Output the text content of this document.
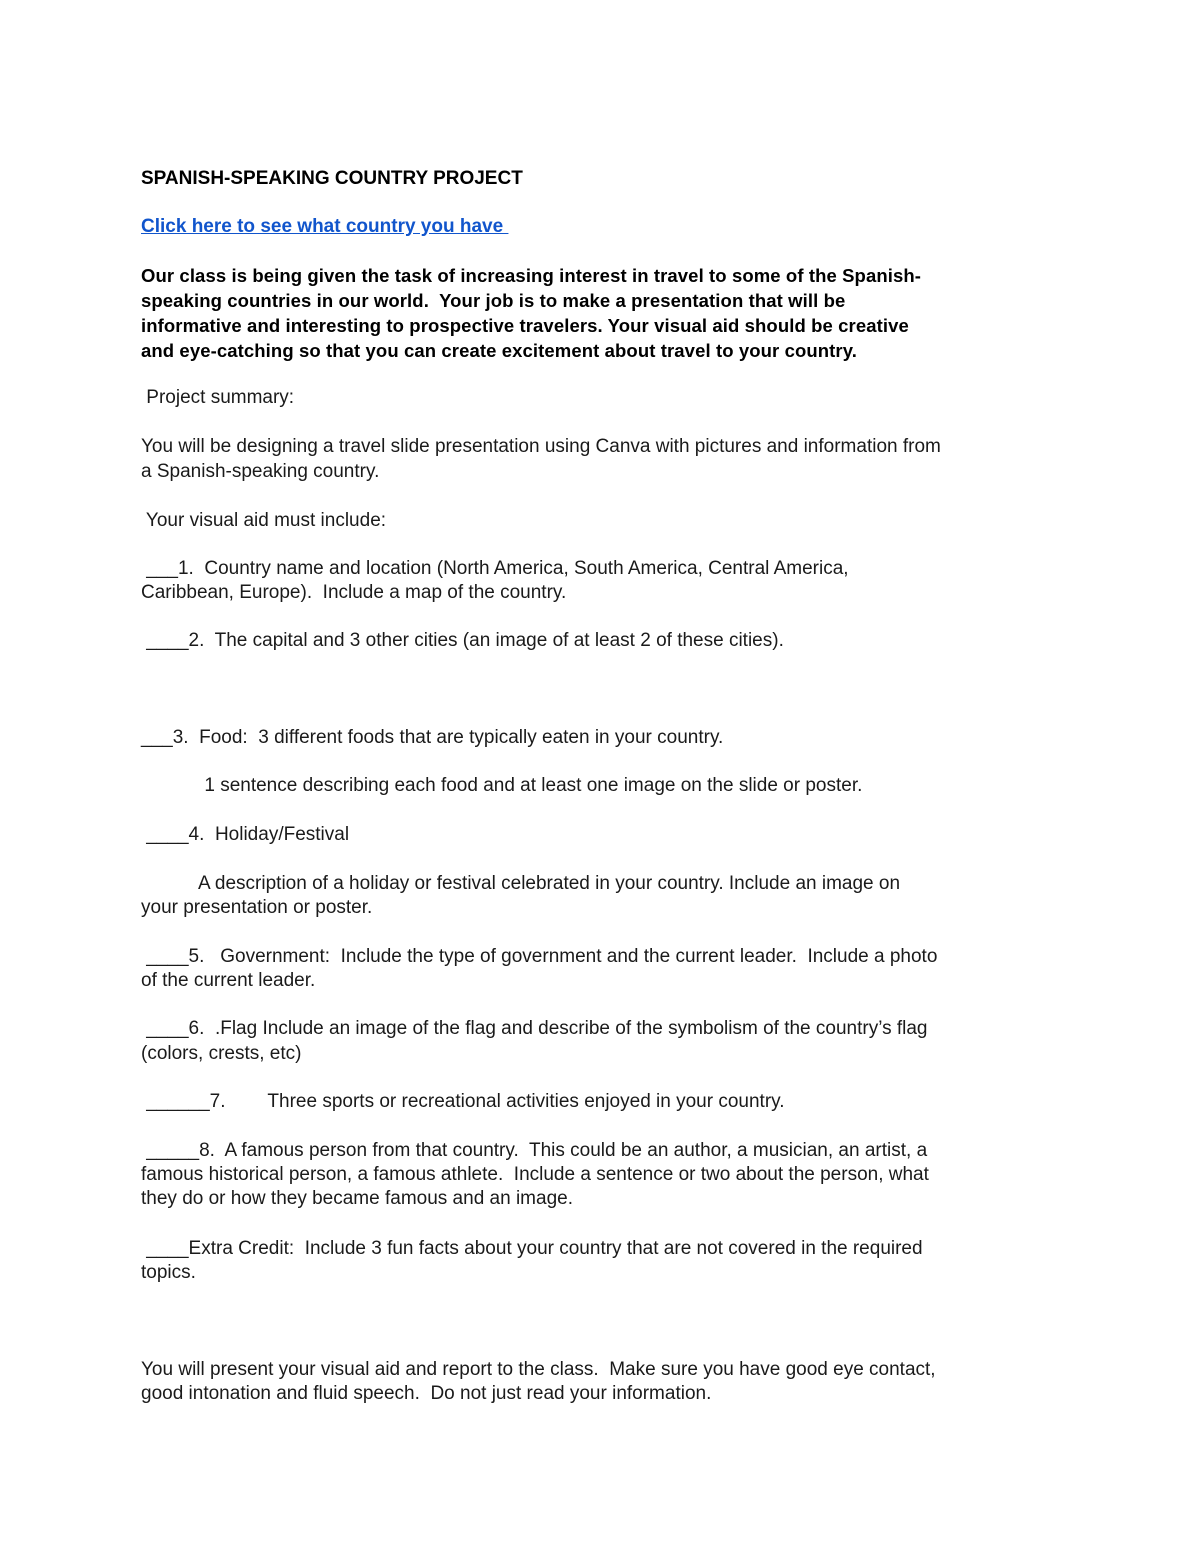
SPANISH-SPEAKING COUNTRY PROJECT
Click here to see what country you have
Our class is being given the task of increasing interest in travel to some of the Spanish-
speaking countries in our world.  Your job is to make a presentation that will be
informative and interesting to prospective travelers. Your visual aid should be creative
and eye-catching so that you can create excitement about travel to your country.
Project summary:
You will be designing a travel slide presentation using Canva with pictures and information from
a Spanish-speaking country.
Your visual aid must include:
___1.  Country name and location (North America, South America, Central America,
Caribbean, Europe).  Include a map of the country.
____2.  The capital and 3 other cities (an image of at least 2 of these cities).
___3.  Food:  3 different foods that are typically eaten in your country.
1 sentence describing each food and at least one image on the slide or poster.
____4.  Holiday/Festival
A description of a holiday or festival celebrated in your country. Include an image on
your presentation or poster.
____5.   Government:  Include the type of government and the current leader.  Include a photo
of the current leader.
____6.  .Flag Include an image of the flag and describe of the symbolism of the country’s flag
(colors, crests, etc)
______7.        Three sports or recreational activities enjoyed in your country.
_____8.  A famous person from that country.  This could be an author, a musician, an artist, a
famous historical person, a famous athlete.  Include a sentence or two about the person, what
they do or how they became famous and an image.
____Extra Credit:  Include 3 fun facts about your country that are not covered in the required
topics.
You will present your visual aid and report to the class.  Make sure you have good eye contact,
good intonation and fluid speech.  Do not just read your information.
